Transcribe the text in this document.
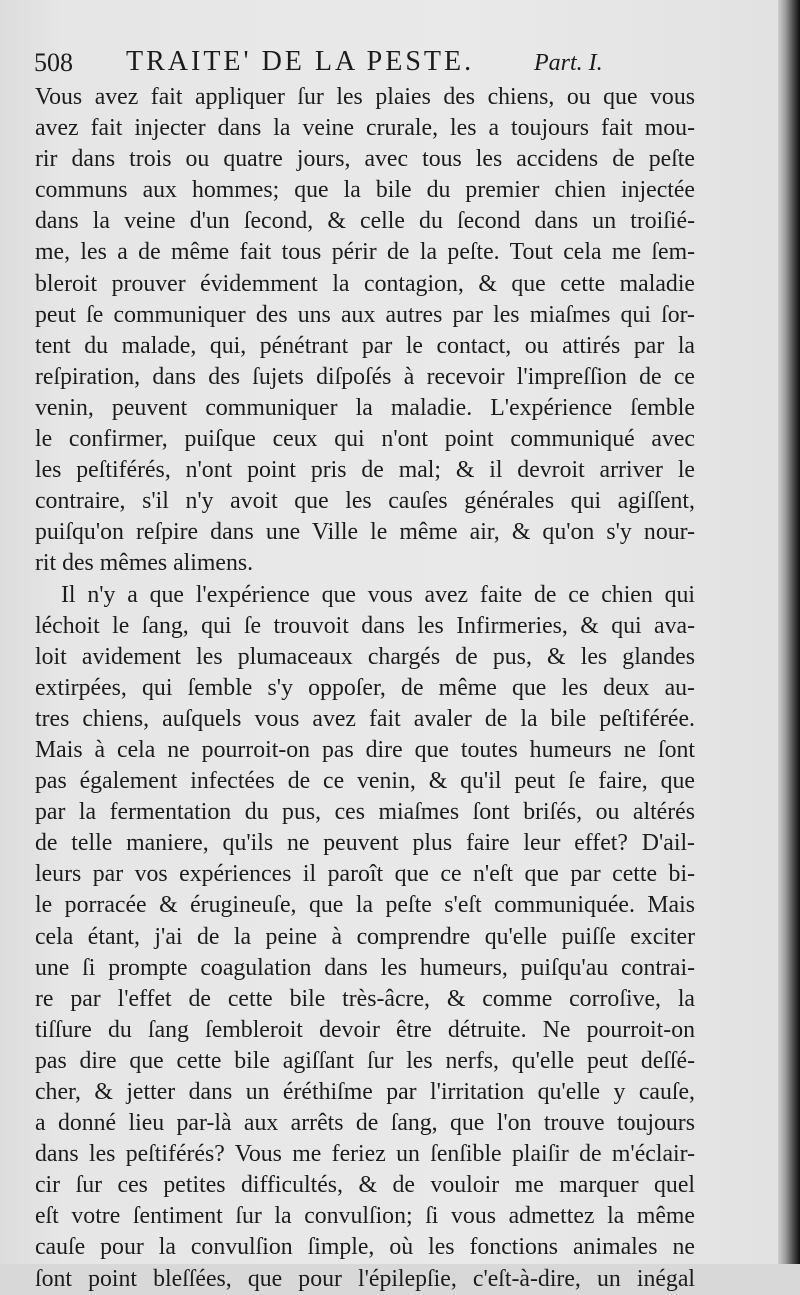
508 TRAITE' DE LA PESTE. Part. I.
Vous avez fait appliquer ſur les plaies des chiens, ou que vous
avez fait injecter dans la veine crurale, les a toujours fait mou-
rir dans trois ou quatre jours, avec tous les accidens de peſte
communs aux hommes; que la bile du premier chien injectée
dans la veine d'un ſecond, & celle du ſecond dans un troiſié-
me, les a de même fait tous périr de la peſte. Tout cela me ſem-
bleroit prouver évidemment la contagion, & que cette maladie
peut ſe communiquer des uns aux autres par les miaſmes qui ſor-
tent du malade, qui, pénétrant par le contact, ou attirés par la
reſpiration, dans des ſujets diſpoſés à recevoir l'impreſſion de ce
venin, peuvent communiquer la maladie. L'expérience ſemble
le confirmer, puiſque ceux qui n'ont point communiqué avec
les peſtiférés, n'ont point pris de mal; & il devroit arriver le
contraire, s'il n'y avoit que les cauſes générales qui agiſſent,
puiſqu'on reſpire dans une Ville le même air, & qu'on s'y nour-
rit des mêmes alimens.
Il n'y a que l'expérience que vous avez faite de ce chien qui
léchoit le ſang, qui ſe trouvoit dans les Infirmeries, & qui ava-
loit avidement les plumaceaux chargés de pus, & les glandes
extirpées, qui ſemble s'y oppoſer, de même que les deux au-
tres chiens, auſquels vous avez fait avaler de la bile peſtiférée.
Mais à cela ne pourroit-on pas dire que toutes humeurs ne ſont
pas également infectées de ce venin, & qu'il peut ſe faire, que
par la fermentation du pus, ces miaſmes ſont briſés, ou altérés
de telle maniere, qu'ils ne peuvent plus faire leur effet? D'ail-
leurs par vos expériences il paroît que ce n'eſt que par cette bi-
le porracée & érugineuſe, que la peſte s'eſt communiquée. Mais
cela étant, j'ai de la peine à comprendre qu'elle puiſſe exciter
une ſi prompte coagulation dans les humeurs, puiſqu'au contrai-
re par l'effet de cette bile très-âcre, & comme corroſive, la
tiſſure du ſang ſembleroit devoir être détruite. Ne pourroit-on
pas dire que cette bile agiſſant ſur les nerfs, qu'elle peut deſſé-
cher, & jetter dans un éréthiſme par l'irritation qu'elle y cauſe,
a donné lieu par-là aux arrêts de ſang, que l'on trouve toujours
dans les peſtiférés? Vous me feriez un ſenſible plaiſir de m'éclair-
cir ſur ces petites difficultés, & de vouloir me marquer quel
eſt votre ſentiment ſur la convulſion; ſi vous admettez la même
cauſe pour la convulſion ſimple, où les fonctions animales ne
ſont point bleſſées, que pour l'épilepſie, c'eſt-à-dire, un inégal
